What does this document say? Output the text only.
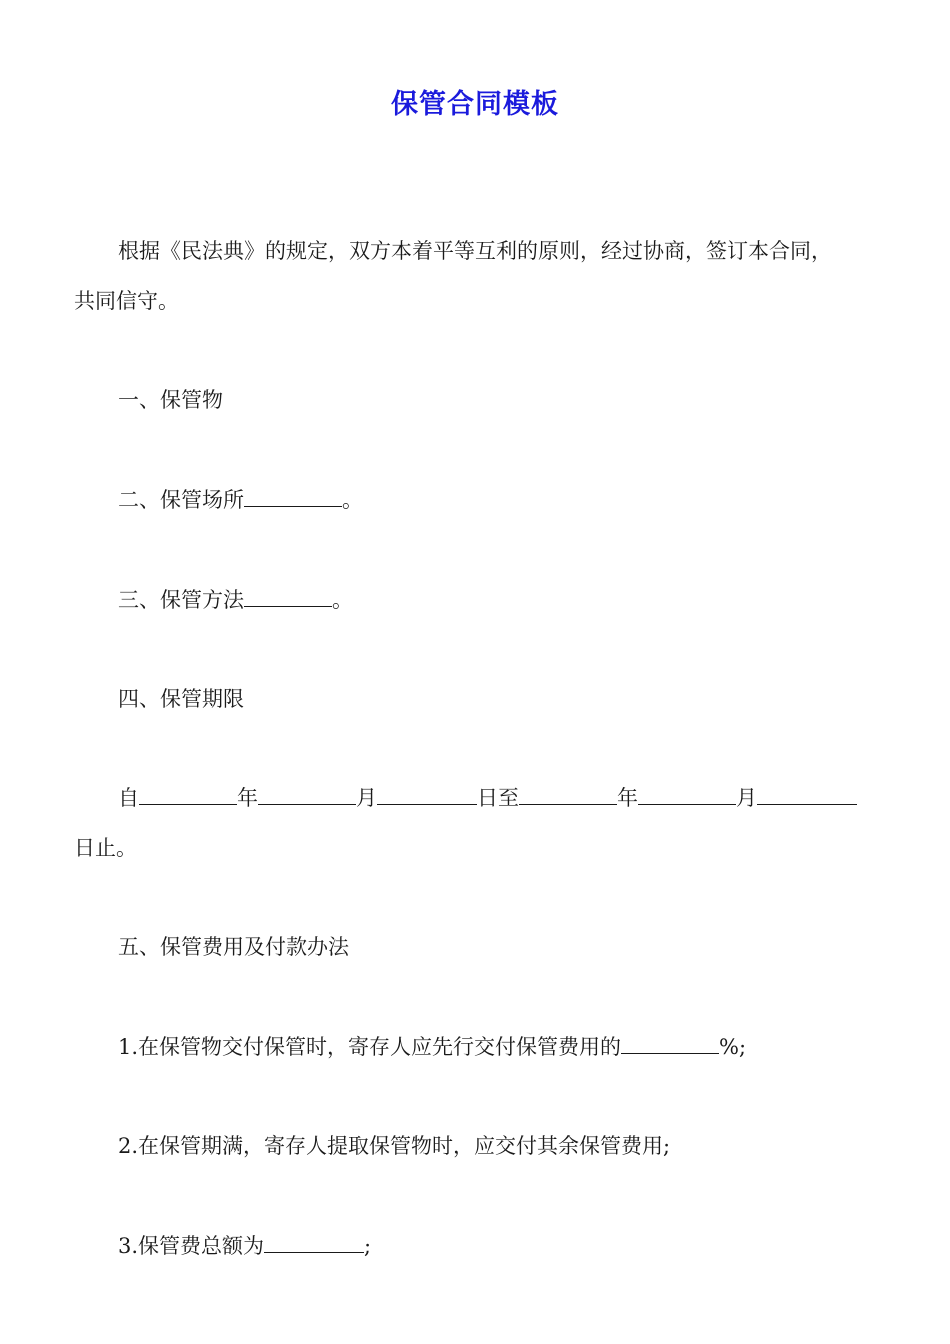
保管合同模板

根据《民法典》的规定，双方本着平等互利的原则，经过协商，签订本合同，

共同信守。

一、保管物

二、保管场所	。

三、保管方法	。

四、保管期限

自	年	月	日至	年	月

日止。

五、保管费用及付款办法

1.在保管物交付保管时，寄存人应先行交付保管费用的	%;

2.在保管期满，寄存人提取保管物时，应交付其余保管费用;

3.保管费总额为	;
